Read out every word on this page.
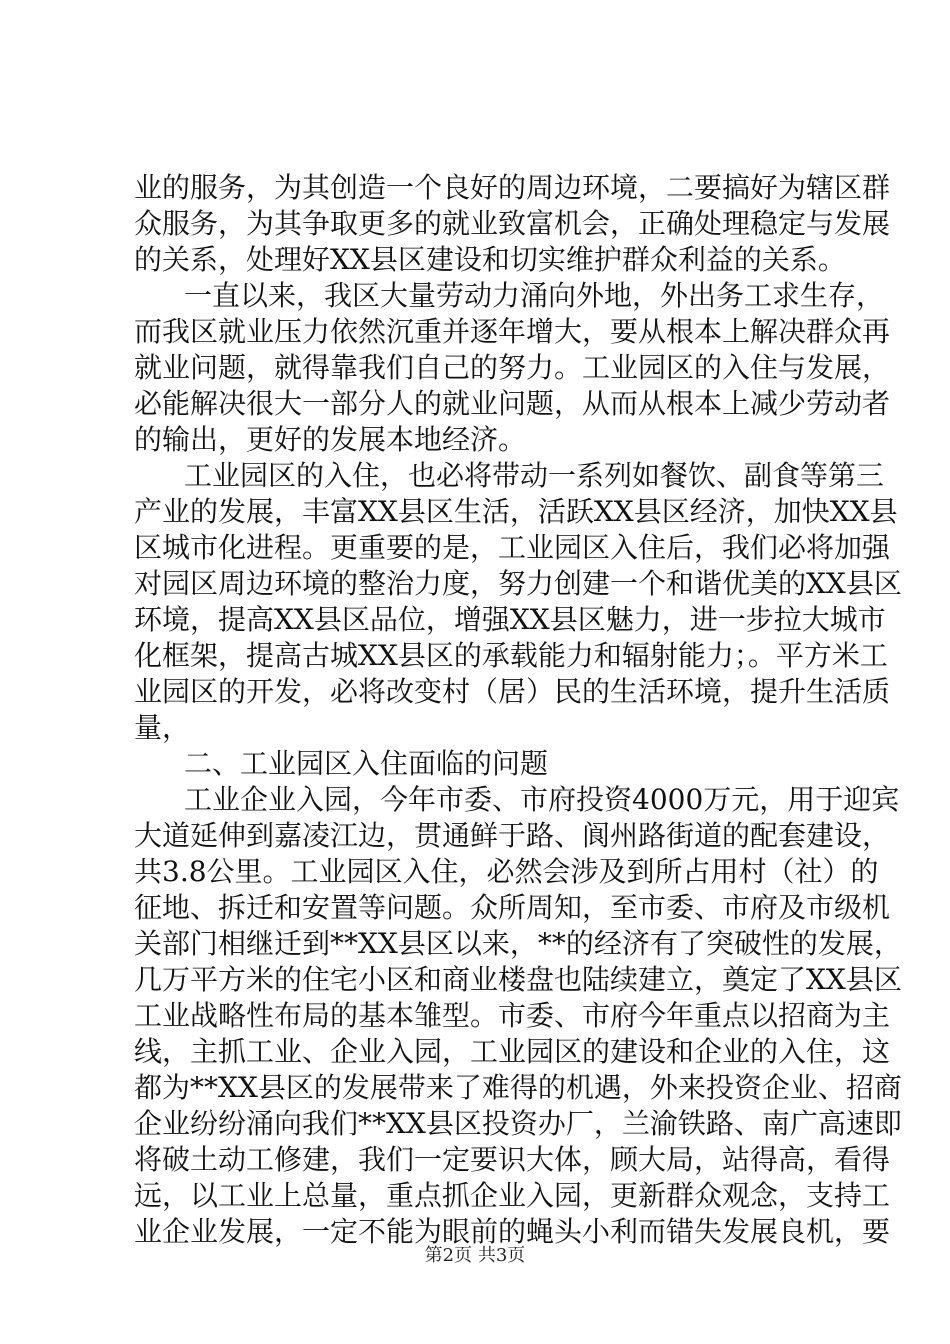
业的服务，为其创造一个良好的周边环境，二要搞好为辖区群
众服务，为其争取更多的就业致富机会，正确处理稳定与发展
的关系，处理好XX县区建设和切实维护群众利益的关系。
一直以来，我区大量劳动力涌向外地，外出务工求生存，
而我区就业压力依然沉重并逐年增大，要从根本上解决群众再
就业问题，就得靠我们自己的努力。工业园区的入住与发展，
必能解决很大一部分人的就业问题，从而从根本上减少劳动者
的输出，更好的发展本地经济。
工业园区的入住，也必将带动一系列如餐饮、副食等第三
产业的发展，丰富XX县区生活，活跃XX县区经济，加快XX县
区城市化进程。更重要的是，工业园区入住后，我们必将加强
对园区周边环境的整治力度，努力创建一个和谐优美的XX县区
环境，提高XX县区品位，增强XX县区魅力，进一步拉大城市
化框架，提高古城XX县区的承载能力和辐射能力；。平方米工
业园区的开发，必将改变村（居）民的生活环境，提升生活质
量，
二、工业园区入住面临的问题
工业企业入园，今年市委、市府投资4000万元，用于迎宾
大道延伸到嘉凌江边，贯通鲜于路、阆州路街道的配套建设，
共3.8公里。工业园区入住，必然会涉及到所占用村（社）的
征地、拆迁和安置等问题。众所周知，至市委、市府及市级机
关部门相继迁到**XX县区以来，**的经济有了突破性的发展，
几万平方米的住宅小区和商业楼盘也陆续建立，奠定了XX县区
工业战略性布局的基本雏型。市委、市府今年重点以招商为主
线，主抓工业、企业入园，工业园区的建设和企业的入住，这
都为**XX县区的发展带来了难得的机遇，外来投资企业、招商
企业纷纷涌向我们**XX县区投资办厂，兰渝铁路、南广高速即
将破土动工修建，我们一定要识大体，顾大局，站得高，看得
远，以工业上总量，重点抓企业入园，更新群众观念，支持工
业企业发展，一定不能为眼前的蝇头小利而错失发展良机，要
第2页 共3页
